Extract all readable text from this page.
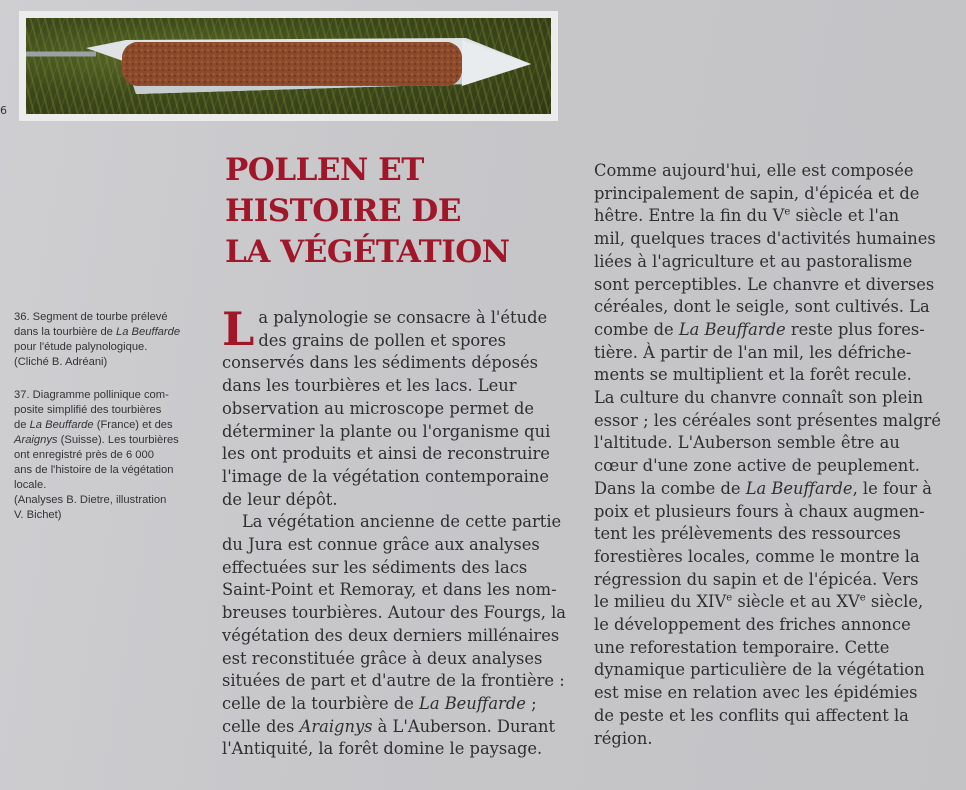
6
36. Segment de tourbe prélevé
dans la tourbière de La Beuffarde
pour l'étude palynologique.
(Cliché B. Adréani)
37. Diagramme pollinique com-
posite simplifié des tourbières
de La Beuffarde (France) et des
Araignys (Suisse). Les tourbières
ont enregistré près de 6 000
ans de l'histoire de la végétation
locale.
(Analyses B. Dietre, illustration
V. Bichet)
POLLEN ET
HISTOIRE DE
LA VÉGÉTATION
L a palynologie se consacre à l'étude
des grains de pollen et spores
conservés dans les sédiments déposés
dans les tourbières et les lacs. Leur
observation au microscope permet de
déterminer la plante ou l'organisme qui
les ont produits et ainsi de reconstruire
l'image de la végétation contemporaine
de leur dépôt.
La végétation ancienne de cette partie
du Jura est connue grâce aux analyses
effectuées sur les sédiments des lacs
Saint-Point et Remoray, et dans les nom-
breuses tourbières. Autour des Fourgs, la
végétation des deux derniers millénaires
est reconstituée grâce à deux analyses
situées de part et d'autre de la frontière :
celle de la tourbière de La Beuffarde ;
celle des Araignys à L'Auberson. Durant
l'Antiquité, la forêt domine le paysage.
Comme aujourd'hui, elle est composée
principalement de sapin, d'épicéa et de
hêtre. Entre la fin du Ve siècle et l'an
mil, quelques traces d'activités humaines
liées à l'agriculture et au pastoralisme
sont perceptibles. Le chanvre et diverses
céréales, dont le seigle, sont cultivés. La
combe de La Beuffarde reste plus fores-
tière. À partir de l'an mil, les défriche-
ments se multiplient et la forêt recule.
La culture du chanvre connaît son plein
essor ; les céréales sont présentes malgré
l'altitude. L'Auberson semble être au
cœur d'une zone active de peuplement.
Dans la combe de La Beuffarde, le four à
poix et plusieurs fours à chaux augmen-
tent les prélèvements des ressources
forestières locales, comme le montre la
régression du sapin et de l'épicéa. Vers
le milieu du XIVe siècle et au XVe siècle,
le développement des friches annonce
une reforestation temporaire. Cette
dynamique particulière de la végétation
est mise en relation avec les épidémies
de peste et les conflits qui affectent la
région.
